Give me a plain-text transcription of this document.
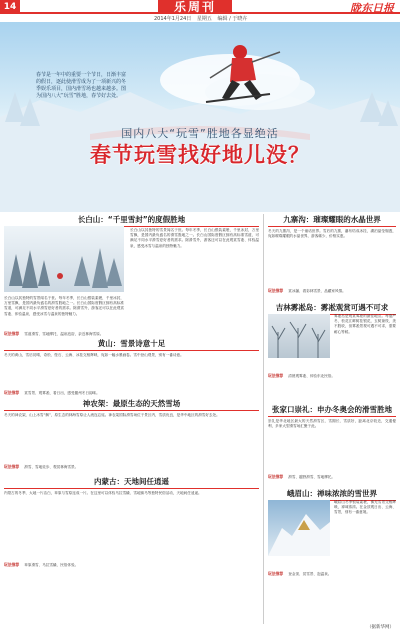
14	乐周刊	陇东日报
2014年1月24日 星期五 编辑 / 于晓卉
春节是一年中的重要一个节日，日渐丰富的假日，逐此使滑雪成为了一项新兴的冬季娱乐项目，国内滑雪场也越来越多。图为国内八大“玩雪”胜地，春节好去处。
国内八大“玩雪”胜地各显绝活
春节玩雪找好地儿没？
长白山：“千里雪封”的度假胜地
长白山以其独特的雪景闻名于世。每年冬季，长白山银装素裹，千里冰封，万里雪飘，是国内最负盛名的滑雪胜地之一。长白山国际度假区拥有高标准雪道，可满足不同水平滑雪爱好者的需求。除滑雪外，游客还可以在此观赏雪凇、体验温泉，感受冰雪与温泉的独特魅力。
长白山以其独特的雪景闻名于世。每年冬季，长白山银装素裹，千里冰封，万里雪飘，是国内最负盛名的滑雪胜地之一。长白山国际度假区拥有高标准雪道，可满足不同水平滑雪爱好者的需求。除滑雪外，游客还可以在此观赏雪凇、体验温泉，感受冰雪与温泉的独特魅力。
玩法推荐 雪道滑雪、雪地摩托、温泉泡浴，亲近林海雪原。
黄山：雪景诗意十足
冬天的黄山，雪后初晴，奇松、怪石、云海、冰挂交相辉映，宛如一幅水墨画卷。雪中登山观景，别有一番诗意。
玩法推荐 赏雪景、观雾凇、看日出，感受徽州冬日韵味。
神农架：最原生态的天然雪场
冬天的神农架，山上冰雪“飘”，原生态的林海雪原让人流连忘返。神农架国际滑雪场位于景区内，雪质优良，是华中地区的滑雪好去处。
玩法推荐 滑雪、雪地徒步、观赏林海雪景。
内蒙古：天地间任逍遥
内蒙古的冬季，大地一片洁白，草原与雪原连成一片。在这里可以体验马拉雪橇、雪地赛马等独特民俗活动，天地间任逍遥。
玩法推荐 草原滑雪、马拉雪橇、民俗体验。
九寨沟：璀璨耀眼的水晶世界
冬天的九寨沟，是一个童话世界。雪后的九寨，瀑布结成冰挂，湖泊晶莹剔透，宛如璀璨耀眼的水晶世界，游客稀少，价格实惠。
玩法推荐 赏冰瀑、看彩林雪景、品藏家风情。
吉林雾凇岛：雾凇观赏可遇不可求
雾凇岛是观赏雾凇的最佳地点。每逢严冬，松花江畔树挂银花，玉树琼枝，美不胜收，但雾凇景观可遇不可求，需要耐心等候。
玩法推荐 清晨观雾凇、体验东北民俗。
张家口崇礼：申办冬奥会的滑雪胜地
崇礼是华北地区最大的天然滑雪区，雪期长、雪质好，距离北京较近，交通便利，多家大型滑雪场汇聚于此。
玩法推荐 滑雪、越野滑雪、雪地摩托。
峨眉山：禅味浓浓的雪世界
峨眉山冬季银装素裹，佛光雪景交相辉映，禅味浓浓。在金顶观日出、云海、雪景，别有一番意境。
玩法推荐 登金顶、赏雪景、泡温泉。
（据新华网）
